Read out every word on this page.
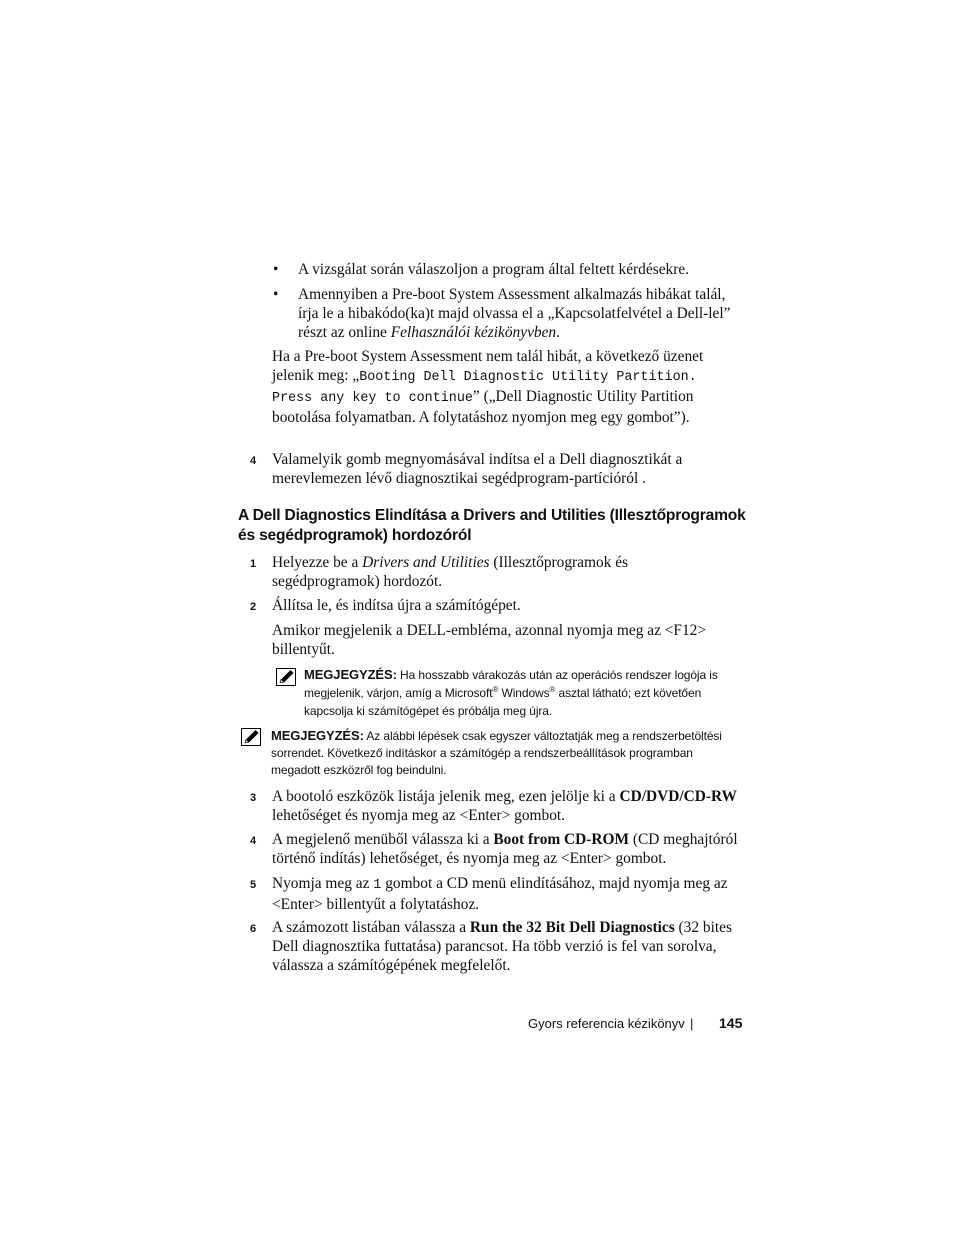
• A vizsgálat során válaszoljon a program által feltett kérdésekre.
• Amennyiben a Pre-boot System Assessment alkalmazás hibákat talál, írja le a hibakódo(ka)t majd olvassa el a „Kapcsolatfelvétel a Dell-lel” részt az online Felhasználói kézikönyvben.
Ha a Pre-boot System Assessment nem talál hibát, a következő üzenet jelenik meg: „Booting Dell Diagnostic Utility Partition. Press any key to continue” („Dell Diagnostic Utility Partition bootolása folyamatban. A folytatáshoz nyomjon meg egy gombot”).
4 Valamelyik gomb megnyomásával indítsa el a Dell diagnosztikát a merevlemezen lévő diagnosztikai segédprogram-partícióról .
A Dell Diagnostics Elindítása a Drivers and Utilities (Illesztőprogramok és segédprogramok) hordozóról
1 Helyezze be a Drivers and Utilities (Illesztőprogramok és segédprogramok) hordozót.
2 Állítsa le, és indítsa újra a számítógépet.
Amikor megjelenik a DELL-embléma, azonnal nyomja meg az <F12> billentyűt.
MEGJEGYZÉS: Ha hosszabb várakozás után az operációs rendszer logója is megjelenik, várjon, amíg a Microsoft® Windows® asztal látható; ezt követően kapcsolja ki számítógépet és próbálja meg újra.
MEGJEGYZÉS: Az alábbi lépések csak egyszer változtatják meg a rendszerbetöltési sorrendet. Következő indításkor a számítógép a rendszerbeállítások programban megadott eszközről fog beindulni.
3 A bootoló eszközök listája jelenik meg, ezen jelölje ki a CD/DVD/CD-RW lehetőséget és nyomja meg az <Enter> gombot.
4 A megjelenő menüből válassza ki a Boot from CD-ROM (CD meghajtóról történő indítás) lehetőséget, és nyomja meg az <Enter> gombot.
5 Nyomja meg az 1 gombot a CD menü elindításához, majd nyomja meg az <Enter> billentyűt a folytatáshoz.
6 A számozott listában válassza a Run the 32 Bit Dell Diagnostics (32 bites Dell diagnosztika futtatása) parancsot. Ha több verzió is fel van sorolva, válassza a számítógépének megfelelőt.
Gyors referencia kézikönyv | 145
